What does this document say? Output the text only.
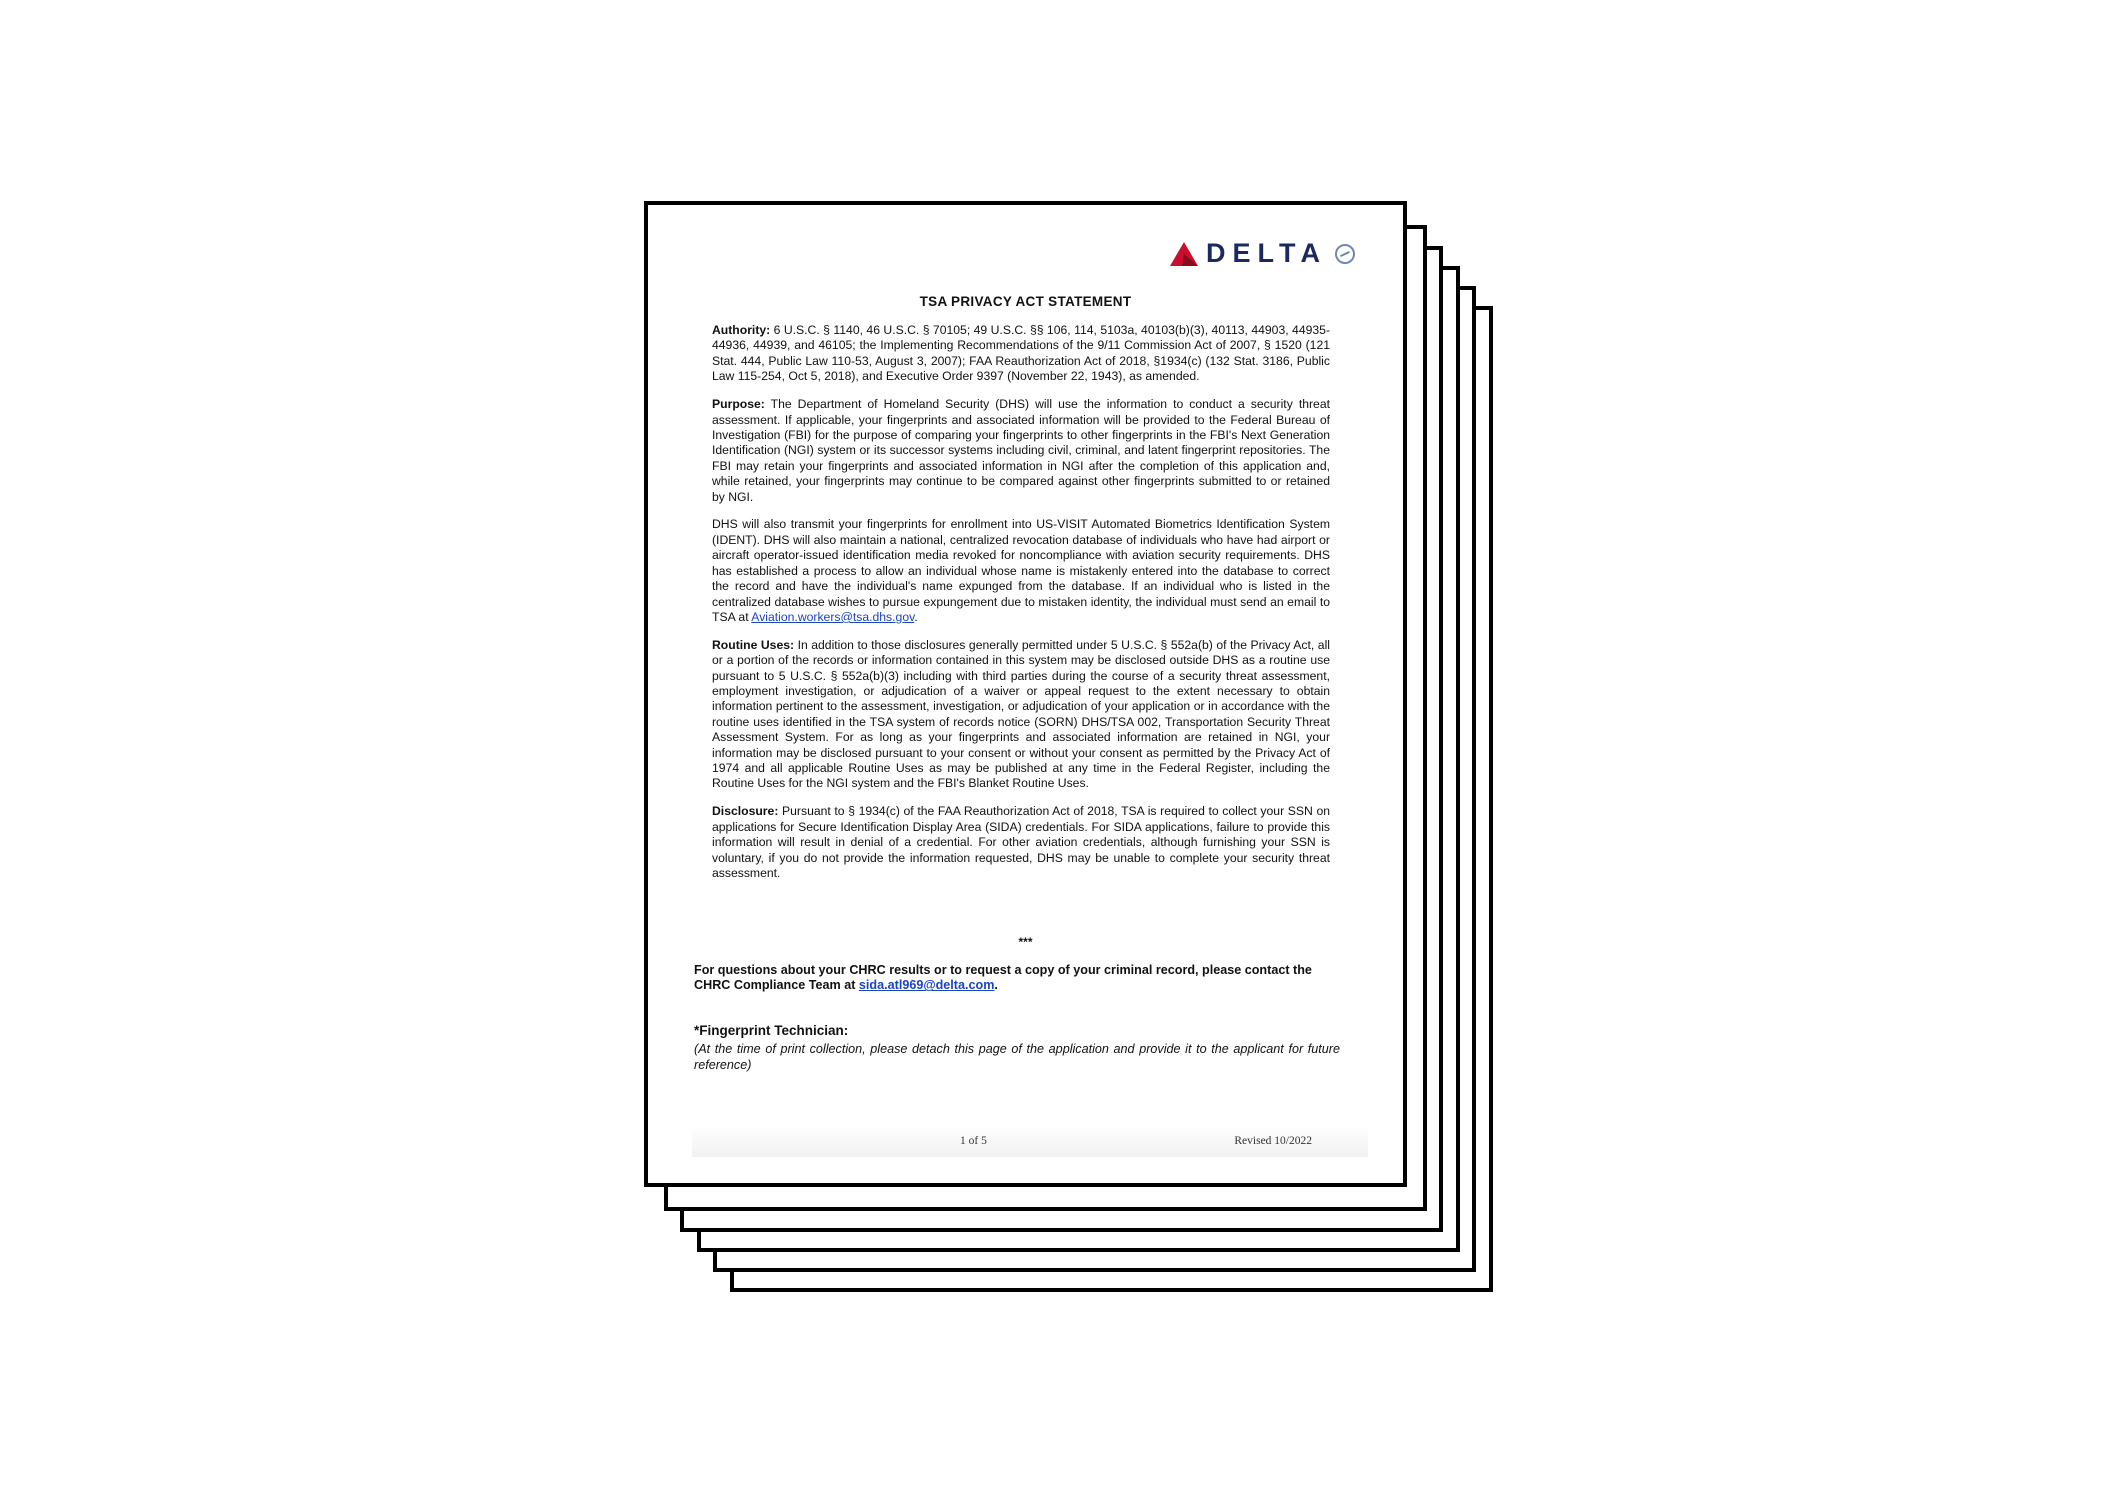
DELTA
TSA PRIVACY ACT STATEMENT

Authority: 6 U.S.C. § 1140, 46 U.S.C. § 70105; 49 U.S.C. §§ 106, 114, 5103a, 40103(b)(3), 40113, 44903, 44935-44936, 44939, and 46105; the Implementing Recommendations of the 9/11 Commission Act of 2007, § 1520 (121 Stat. 444, Public Law 110-53, August 3, 2007); FAA Reauthorization Act of 2018, §1934(c) (132 Stat. 3186, Public Law 115-254, Oct 5, 2018), and Executive Order 9397 (November 22, 1943), as amended.

Purpose: The Department of Homeland Security (DHS) will use the information to conduct a security threat assessment. If applicable, your fingerprints and associated information will be provided to the Federal Bureau of Investigation (FBI) for the purpose of comparing your fingerprints to other fingerprints in the FBI's Next Generation Identification (NGI) system or its successor systems including civil, criminal, and latent fingerprint repositories. The FBI may retain your fingerprints and associated information in NGI after the completion of this application and, while retained, your fingerprints may continue to be compared against other fingerprints submitted to or retained by NGI.

DHS will also transmit your fingerprints for enrollment into US-VISIT Automated Biometrics Identification System (IDENT). DHS will also maintain a national, centralized revocation database of individuals who have had airport or aircraft operator-issued identification media revoked for noncompliance with aviation security requirements. DHS has established a process to allow an individual whose name is mistakenly entered into the database to correct the record and have the individual's name expunged from the database. If an individual who is listed in the centralized database wishes to pursue expungement due to mistaken identity, the individual must send an email to TSA at Aviation.workers@tsa.dhs.gov.

Routine Uses: In addition to those disclosures generally permitted under 5 U.S.C. § 552a(b) of the Privacy Act, all or a portion of the records or information contained in this system may be disclosed outside DHS as a routine use pursuant to 5 U.S.C. § 552a(b)(3) including with third parties during the course of a security threat assessment, employment investigation, or adjudication of a waiver or appeal request to the extent necessary to obtain information pertinent to the assessment, investigation, or adjudication of your application or in accordance with the routine uses identified in the TSA system of records notice (SORN) DHS/TSA 002, Transportation Security Threat Assessment System. For as long as your fingerprints and associated information are retained in NGI, your information may be disclosed pursuant to your consent or without your consent as permitted by the Privacy Act of 1974 and all applicable Routine Uses as may be published at any time in the Federal Register, including the Routine Uses for the NGI system and the FBI's Blanket Routine Uses.

Disclosure: Pursuant to § 1934(c) of the FAA Reauthorization Act of 2018, TSA is required to collect your SSN on applications for Secure Identification Display Area (SIDA) credentials. For SIDA applications, failure to provide this information will result in denial of a credential. For other aviation credentials, although furnishing your SSN is voluntary, if you do not provide the information requested, DHS may be unable to complete your security threat assessment.

***
For questions about your CHRC results or to request a copy of your criminal record, please contact the CHRC Compliance Team at sida.atl969@delta.com.
*Fingerprint Technician:
(At the time of print collection, please detach this page of the application and provide it to the applicant for future reference)
1 of 5	Revised 10/2022
